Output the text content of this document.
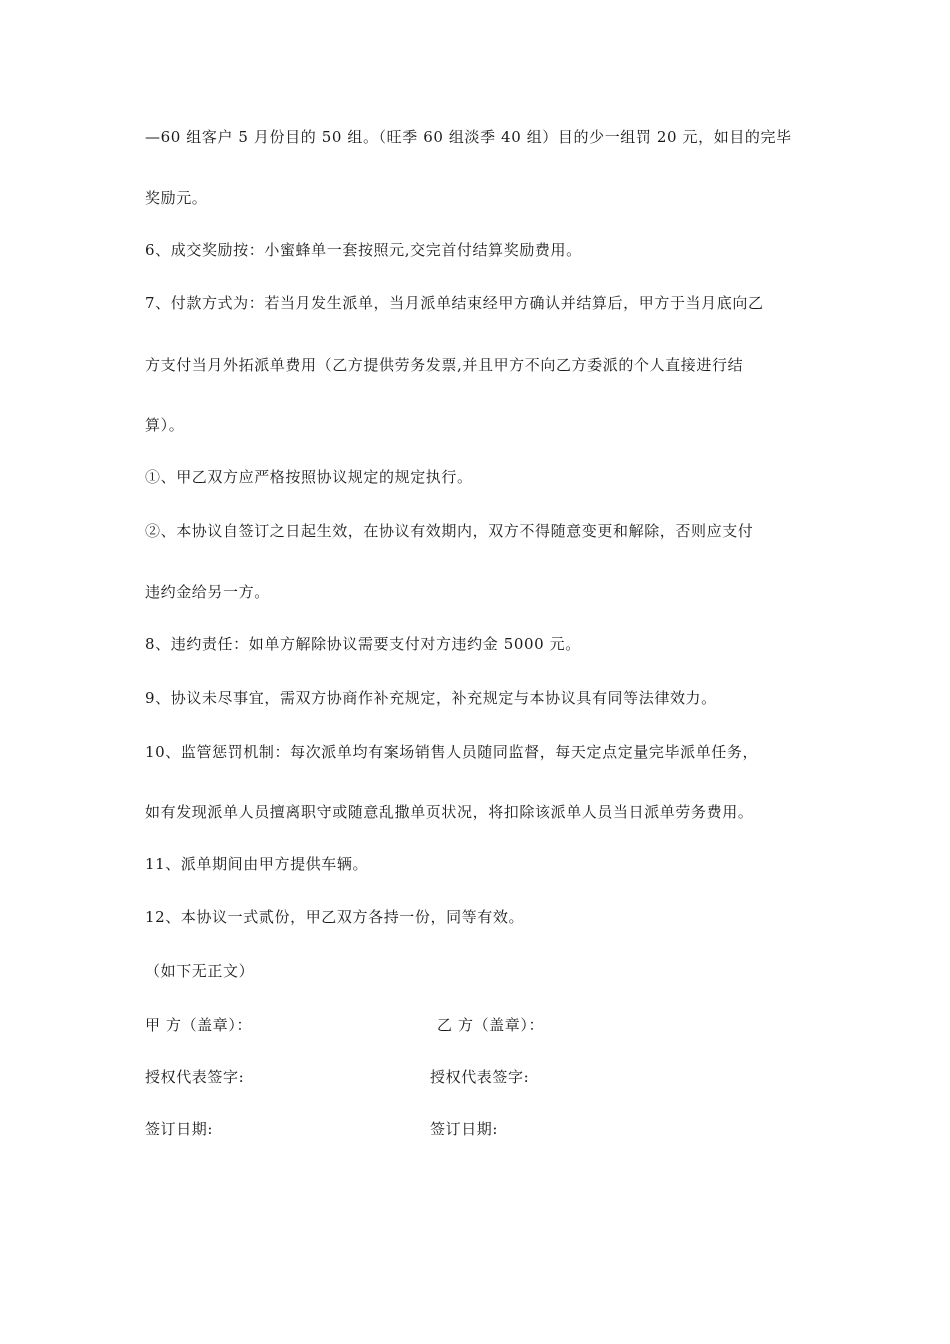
—60 组客户 5 月份目的 50 组。（旺季 60 组淡季 40 组）目的少一组罚 20 元，如目的完毕
奖励元。
6、成交奖励按：小蜜蜂单一套按照元,交完首付结算奖励费用。
7、付款方式为：若当月发生派单，当月派单结束经甲方确认并结算后，甲方于当月底向乙
方支付当月外拓派单费用（乙方提供劳务发票,并且甲方不向乙方委派的个人直接进行结
算）。
①、甲乙双方应严格按照协议规定的规定执行。
②、本协议自签订之日起生效，在协议有效期内，双方不得随意变更和解除，否则应支付
违约金给另一方。
8、违约责任：如单方解除协议需要支付对方违约金 5000 元。
9、协议未尽事宜，需双方协商作补充规定，补充规定与本协议具有同等法律效力。
10、监管惩罚机制：每次派单均有案场销售人员随同监督，每天定点定量完毕派单任务，
如有发现派单人员擅离职守或随意乱撒单页状况，将扣除该派单人员当日派单劳务费用。
11、派单期间由甲方提供车辆。
12、本协议一式贰份，甲乙双方各持一份，同等有效。
（如下无正文）
甲 方（盖章）：	乙 方（盖章）：
授权代表签字:	授权代表签字:
签订日期:	签订日期:
